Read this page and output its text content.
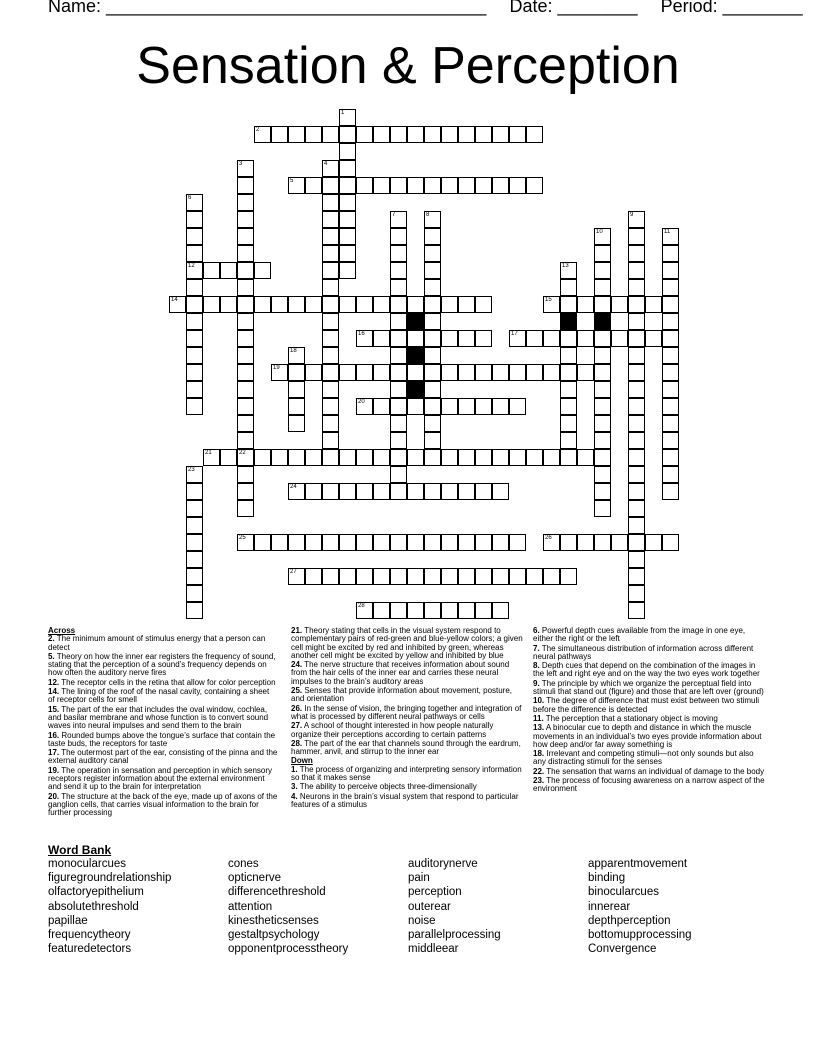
Name: ______________________________________ Date: ________ Period: ________
Sensation & Perception
1
2
3	4
5
6
7	8	9
10	11
12	13
14	15
16	17
18
19
20
21	22
23
24
25	26
27
28
Across

2. The minimum amount of stimulus energy that a person can detect

5. Theory on how the inner ear registers the frequency of sound, stating that the perception of a sound’s frequency depends on how often the auditory nerve fires

12. The receptor cells in the retina that allow for color perception

14. The lining of the roof of the nasal cavity, containing a sheet of receptor cells for smell

15. The part of the ear that includes the oval window, cochlea, and basilar membrane and whose function is to convert sound waves into neural impulses and send them to the brain

16. Rounded bumps above the tongue’s surface that contain the taste buds, the receptors for taste

17. The outermost part of the ear, consisting of the pinna and the external auditory canal

19. The operation in sensation and perception in which sensory receptors register information about the external environment and send it up to the brain for interpretation

20. The structure at the back of the eye, made up of axons of the ganglion cells, that carries visual information to the brain for further processing

21. Theory stating that cells in the visual system respond to complementary pairs of red-green and blue-yellow colors; a given cell might be excited by red and inhibited by green, whereas another cell might be excited by yellow and inhibited by blue

24. The nerve structure that receives information about sound from the hair cells of the inner ear and carries these neural impulses to the brain’s auditory areas

25. Senses that provide information about movement, posture, and orientation

26. In the sense of vision, the bringing together and integration of what is processed by different neural pathways or cells

27. A school of thought interested in how people naturally organize their perceptions according to certain patterns

28. The part of the ear that channels sound through the eardrum, hammer, anvil, and stirrup to the inner ear

Down

1. The process of organizing and interpreting sensory information so that it makes sense

3. The ability to perceive objects three-dimensionally

4. Neurons in the brain’s visual system that respond to particular features of a stimulus

6. Powerful depth cues available from the image in one eye, either the right or the left

7. The simultaneous distribution of information across different neural pathways

8. Depth cues that depend on the combination of the images in the left and right eye and on the way the two eyes work together

9. The principle by which we organize the perceptual field into stimuli that stand out (figure) and those that are left over (ground)

10. The degree of difference that must exist between two stimuli before the difference is detected

11. The perception that a stationary object is moving

13. A binocular cue to depth and distance in which the muscle movements in an individual’s two eyes provide information about how deep and/or far away something is

18. Irrelevant and competing stimuli—not only sounds but also any distracting stimuli for the senses

22. The sensation that warns an individual of damage to the body

23. The process of focusing awareness on a narrow aspect of the environment

Word Bank
monocularcues
figuregroundrelationship
olfactoryepithelium
absolutethreshold
papillae
frequencytheory
featuredetectors
cones
opticnerve
differencethreshold
attention
kinestheticsenses
gestaltpsychology
opponentprocesstheory
auditorynerve
pain
perception
outerear
noise
parallelprocessing
middleear
apparentmovement
binding
binocularcues
innerear
depthperception
bottomupprocessing
Convergence
